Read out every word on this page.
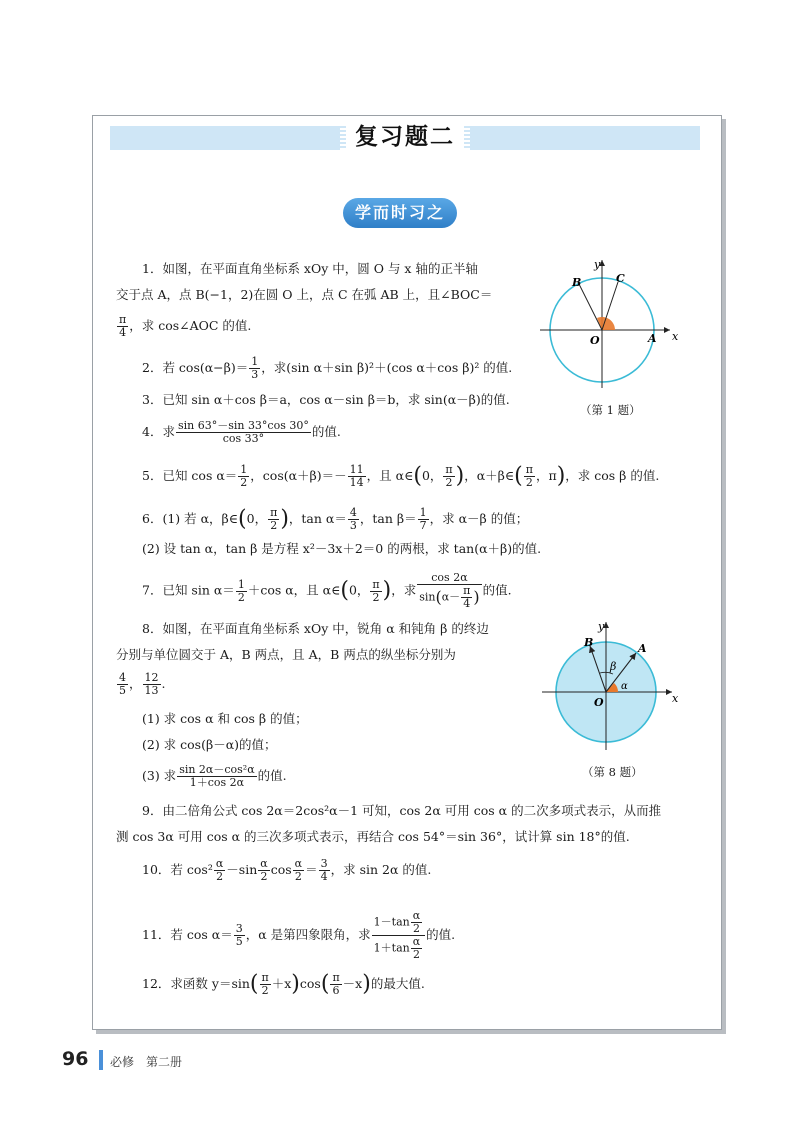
复习题二
学而时习之
1．如图，在平面直角坐标系 xOy 中，圆 O 与 x 轴的正半轴
交于点 A，点 B(−1，2)在圆 O 上，点 C 在弧 AB 上，且∠BOC＝
$\frac{\pi}{4}$ ，求 cos∠AOC 的值.
2．若 $\cos(\alpha-\beta)= \frac{1}{3}$ ，求(sin α＋sin β)²＋(cos α＋cos β)² 的值.
3．已知 sin α＋cos β＝a，cos α－sin β＝b，求 sin(α－β)的值.
4．求 $\frac{\sin 63^\circ-\sin 33^\circ\cos 30^\circ}{\cos 33^\circ}$ 的值.
5．已知 $\cos \alpha= \frac{1}{2}$ ，$\cos(\alpha+\beta)=- \frac{11}{14}$ ，且 α∈(0， $\frac{\pi}{2}$ )，α＋β∈( $\frac{\pi}{2}$ ，π)，求 cos β 的值.
6．(1) 若 α，β∈(0， $\frac{\pi}{2}$ )，$\tan \alpha= \frac{4}{3}$ ，$\tan \beta= \frac{1}{7}$ ，求 α－β 的值；
(2) 设 tan α，tan β 是方程 x²－3x＋2＝0 的两根，求 tan(α＋β)的值.
7．已知 $\sin \alpha= \frac{1}{2} +\cos$ α，且 α∈(0， $\frac{\pi}{2}$ )，求 $\frac{\cos 2\alpha}{\sin(\alpha- \frac{\pi}{4} )}$ 的值.
8．如图，在平面直角坐标系 xOy 中，锐角 α 和钝角 β 的终边
分别与单位圆交于 A，B 两点，且 A，B 两点的纵坐标分别为
$\frac{4}{5}$ ， $\frac{12}{13}$ .
(1) 求 cos α 和 cos β 的值；
(2) 求 cos(β－α)的值；
(3) 求 $\frac{\text{sin 2α－cos²α}}{1+\cos 2\alpha}$ 的值.
9．由二倍角公式 cos 2α＝2cos²α－1 可知，cos 2α 可用 cos α 的二次多项式表示，从而推
测 cos 3α 可用 cos α 的三次多项式表示，再结合 cos 54°＝sin 36°，试计算 sin 18°的值.
10．若 $\cos^2 \frac{\alpha}{2} -\sin \frac{\alpha}{2}$ $\cos \frac{\alpha}{2} = \frac{3}{4}$ ，求 sin 2α 的值.
11．若 $\cos \alpha= \frac{3}{5}$ ，α 是第四象限角，求 $\frac{1-\tan \frac{\alpha}{2}}{1+\tan \frac{\alpha}{2}}$ 的值.
12．求函数 $y=\sin( \frac{\pi}{2} +x)\cos( \frac{\pi}{6} -x)$的最大值.
y
x
O	A
B	C
（第 1 题）
y
x
O
A
B
α
β
（第 8 题）
96 必修　第二册
